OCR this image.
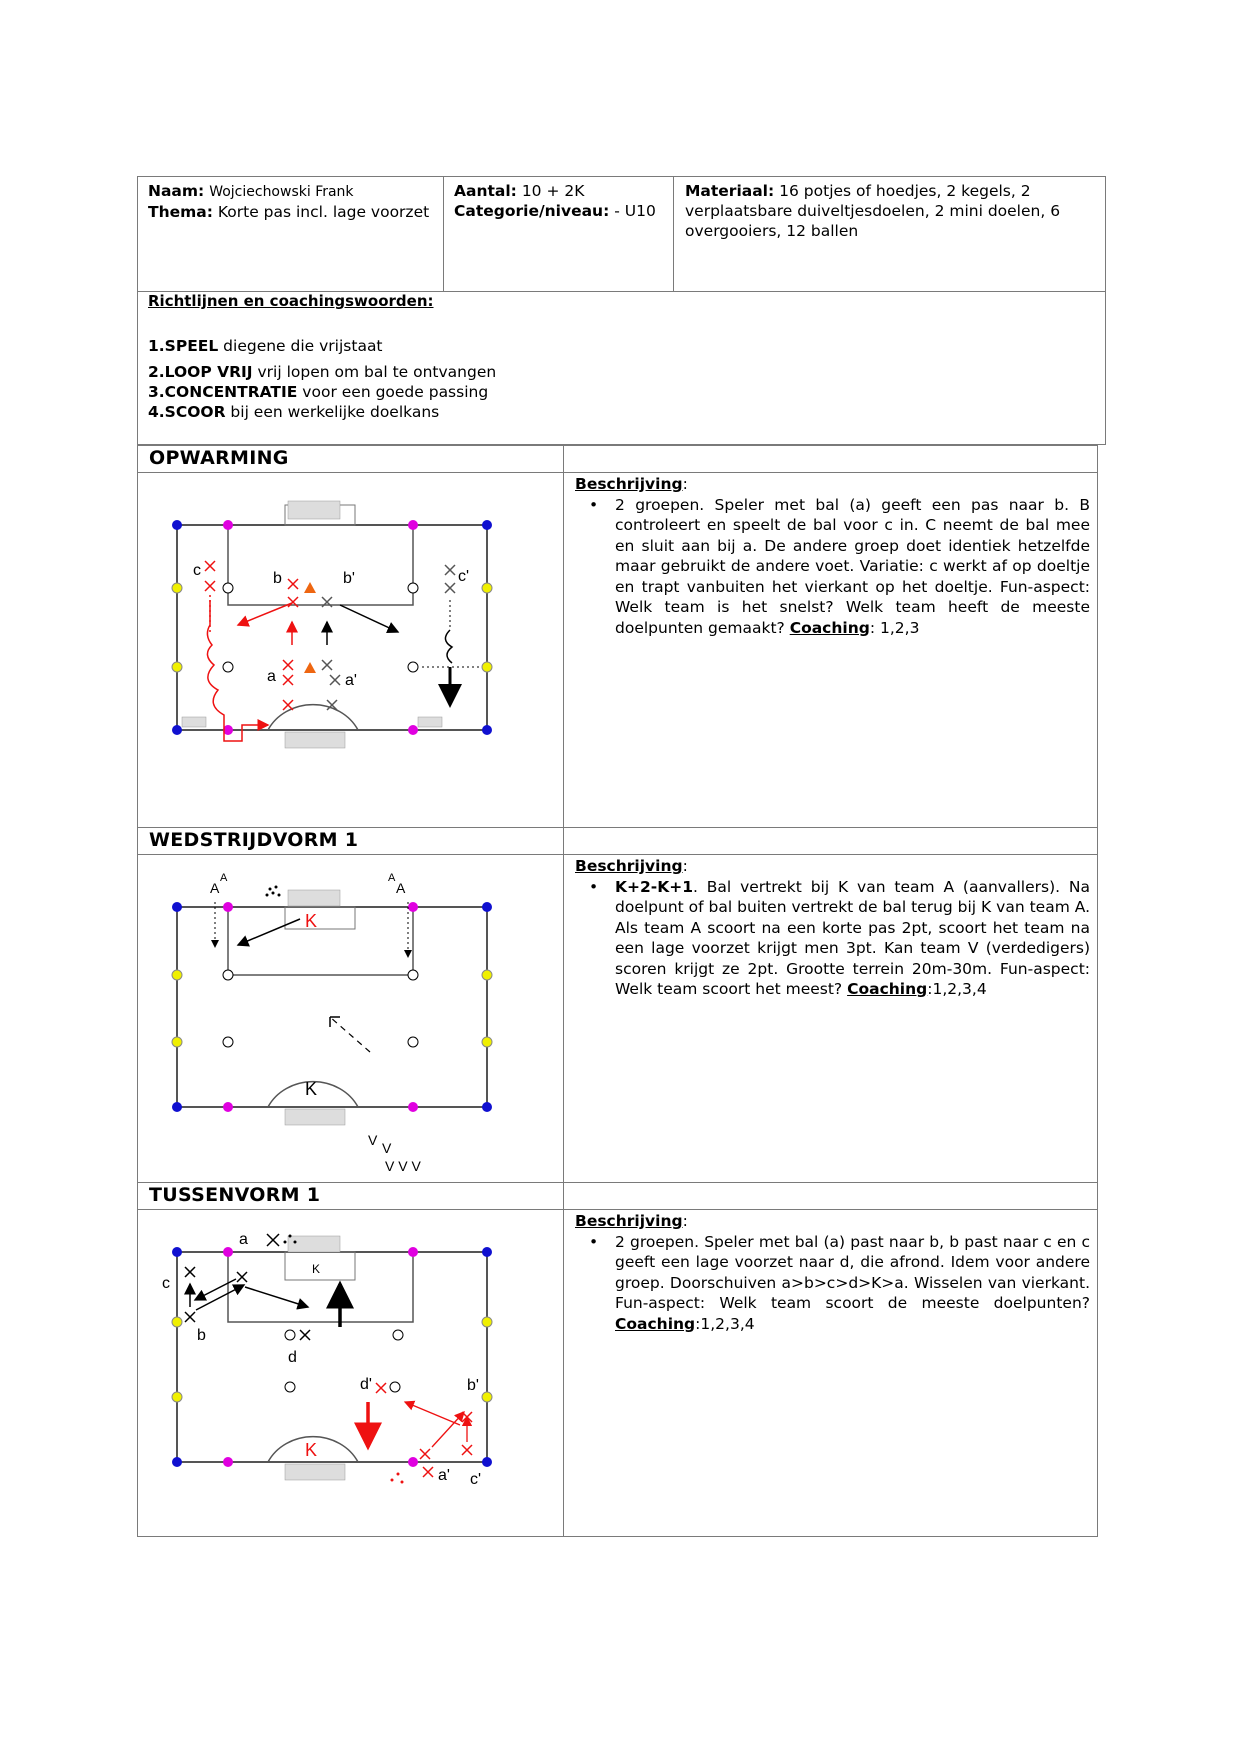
Naam: Wojciechowski Frank
Thema: Korte pas incl. lage voorzet
Aantal: 10 + 2K
Categorie/niveau: - U10
Materiaal: 16 potjes of hoedjes, 2 kegels, 2 verplaatsbare duiveltjesdoelen, 2 mini doelen, 6 overgooiers, 12 ballen
Richtlijnen en coachingswoorden:
1.SPEEL diegene die vrijstaat
2.LOOP VRIJ vrij lopen om bal te ontvangen
3.CONCENTRATIE voor een goede passing
4.SCOOR bij een werkelijke doelkans
OPWARMING
WEDSTRIJDVORM 1
TUSSENVORM 1
Beschrijving:
• 2 groepen. Speler met bal (a) geeft een pas naar b. B controleert en speelt de bal voor c in. C neemt de bal mee en sluit aan bij a. De andere groep doet identiek hetzelfde maar gebruikt de andere voet. Variatie: c werkt af op doeltje en trapt vanbuiten het vierkant op het doeltje. Fun-aspect: Welk team is het snelst? Welk team heeft de meeste doelpunten gemaakt? Coaching: 1,2,3
Beschrijving:
• K+2-K+1. Bal vertrekt bij K van team A (aanvallers). Na doelpunt of bal buiten vertrekt de bal terug bij K van team A. Als team A scoort na een korte pas 2pt, scoort het team na een lage voorzet krijgt men 3pt. Kan team V (verdedigers) scoren krijgt ze 2pt. Grootte terrein 20m-30m. Fun-aspect: Welk team scoort het meest? Coaching:1,2,3,4
Beschrijving:
• 2 groepen. Speler met bal (a) past naar b, b past naar c en c geeft een lage voorzet naar d, die afrond. Idem voor andere groep. Doorschuiven a>b>c>d>K>a. Wisselen van vierkant. Fun-aspect: Welk team scoort de meeste doelpunten?Coaching:1,2,3,4
c	b	b'	c'
a	a'
A
A
A
A
K
K
V V
V V V
a
c
b
d
d'	b'
K
K
a' c'
